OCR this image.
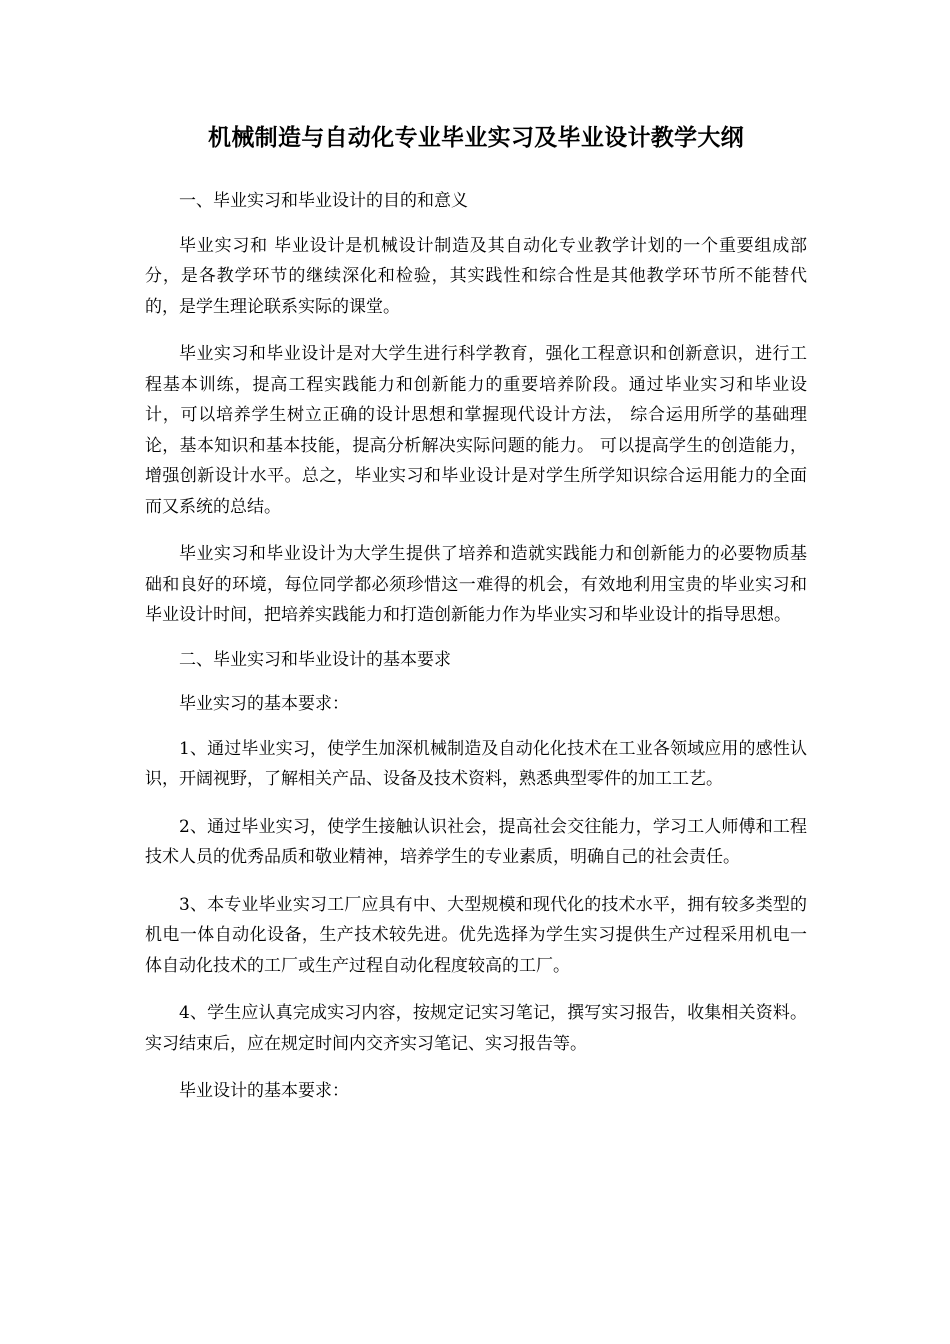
机械制造与自动化专业毕业实习及毕业设计教学大纲

一、毕业实习和毕业设计的目的和意义

毕业实习和 毕业设计是机械设计制造及其自动化专业教学计划的一个重要组成部分，是各教学环节的继续深化和检验，其实践性和综合性是其他教学环节所不能替代的，是学生理论联系实际的课堂。

毕业实习和毕业设计是对大学生进行科学教育，强化工程意识和创新意识，进行工程基本训练，提高工程实践能力和创新能力的重要培养阶段。通过毕业实习和毕业设计，可以培养学生树立正确的设计思想和掌握现代设计方法， 综合运用所学的基础理论，基本知识和基本技能，提高分析解决实际问题的能力。 可以提高学生的创造能力，增强创新设计水平。总之，毕业实习和毕业设计是对学生所学知识综合运用能力的全面而又系统的总结。

毕业实习和毕业设计为大学生提供了培养和造就实践能力和创新能力的必要物质基础和良好的环境，每位同学都必须珍惜这一难得的机会，有效地利用宝贵的毕业实习和毕业设计时间，把培养实践能力和打造创新能力作为毕业实习和毕业设计的指导思想。

二、毕业实习和毕业设计的基本要求

毕业实习的基本要求：

1、通过毕业实习，使学生加深机械制造及自动化化技术在工业各领域应用的感性认识，开阔视野，了解相关产品、设备及技术资料，熟悉典型零件的加工工艺。

2、通过毕业实习，使学生接触认识社会，提高社会交往能力，学习工人师傅和工程技术人员的优秀品质和敬业精神，培养学生的专业素质，明确自己的社会责任。

3、本专业毕业实习工厂应具有中、大型规模和现代化的技术水平，拥有较多类型的机电一体自动化设备，生产技术较先进。优先选择为学生实习提供生产过程采用机电一体自动化技术的工厂或生产过程自动化程度较高的工厂。

4、学生应认真完成实习内容，按规定记实习笔记，撰写实习报告，收集相关资料。实习结束后，应在规定时间内交齐实习笔记、实习报告等。

毕业设计的基本要求：
